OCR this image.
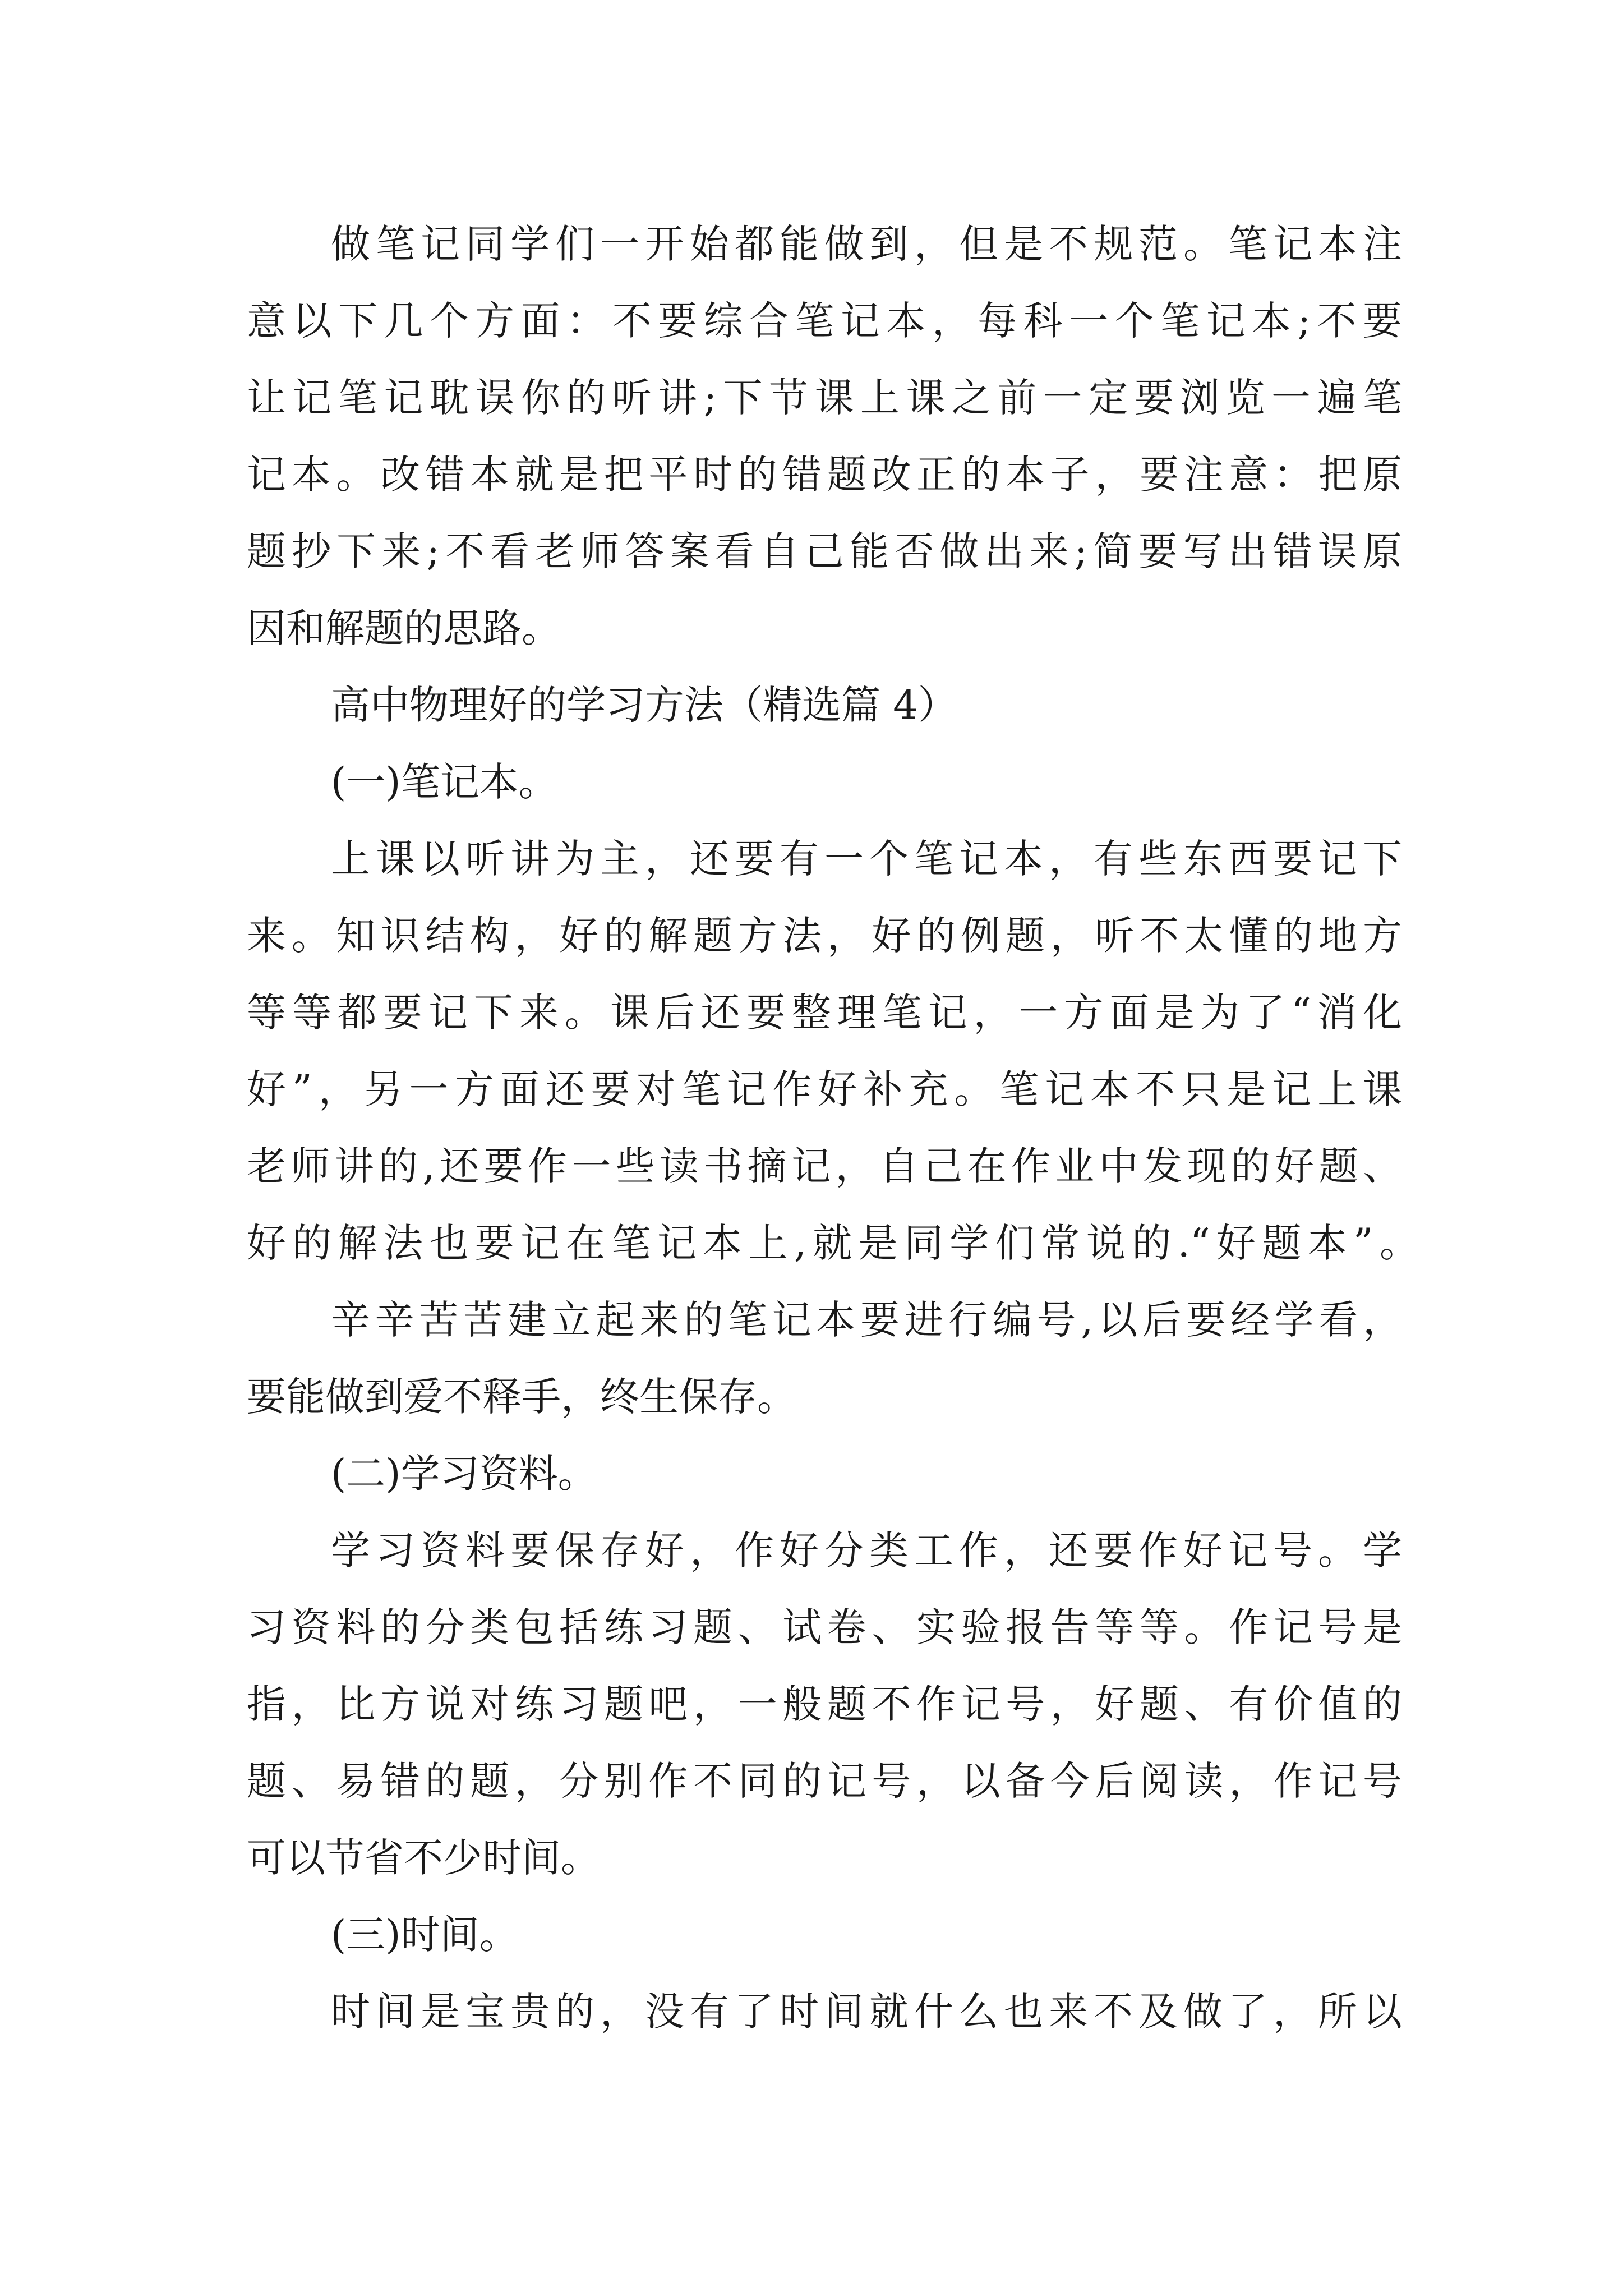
做笔记同学们一开始都能做到，但是不规范。笔记本注
意以下几个方面：不要综合笔记本，每科一个笔记本;不要
让记笔记耽误你的听讲;下节课上课之前一定要浏览一遍笔
记本。改错本就是把平时的错题改正的本子，要注意：把原
题抄下来;不看老师答案看自己能否做出来;简要写出错误原
因和解题的思路。
高中物理好的学习方法（精选篇 4）
(一)笔记本。
上课以听讲为主，还要有一个笔记本，有些东西要记下
来。知识结构，好的解题方法，好的例题，听不太懂的地方
等等都要记下来。课后还要整理笔记，一方面是为了“消化
好”，另一方面还要对笔记作好补充。笔记本不只是记上课
老师讲的,还要作一些读书摘记，自己在作业中发现的好题、
好的解法也要记在笔记本上,就是同学们常说的.“好题本”。
辛辛苦苦建立起来的笔记本要进行编号,以后要经学看，
要能做到爱不释手，终生保存。
(二)学习资料。
学习资料要保存好，作好分类工作，还要作好记号。学
习资料的分类包括练习题、试卷、实验报告等等。作记号是
指，比方说对练习题吧，一般题不作记号，好题、有价值的
题、易错的题，分别作不同的记号，以备今后阅读，作记号
可以节省不少时间。
(三)时间。
时间是宝贵的，没有了时间就什么也来不及做了，所以
